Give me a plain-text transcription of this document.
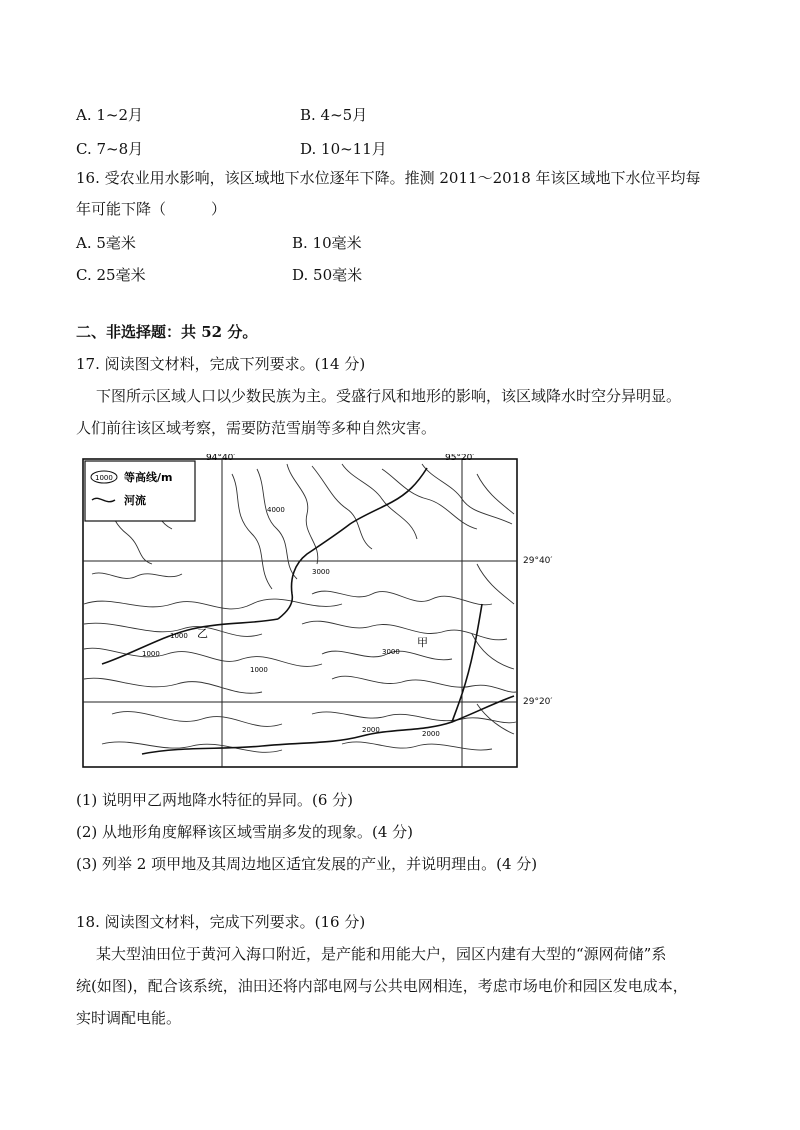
A. 1~2月	B. 4~5月
C. 7~8月	D. 10~11月
16. 受农业用水影响，该区域地下水位逐年下降。推测 2011～2018 年该区域地下水位平均每
年可能下降（　　　）
A. 5毫米	B. 10毫米
C. 25毫米	D. 50毫米
二、非选择题：共 52 分。
17. 阅读图文材料，完成下列要求。(14 分)
下图所示区域人口以少数民族为主。受盛行风和地形的影响，该区域降水时空分异明显。
人们前往该区域考察，需要防范雪崩等多种自然灾害。
94°40′	95°20′
1000 等高线/m
河流
4000
1000
1000
1000
3000
3000
2000	2000
乙
甲
29°40′
29°20′
(1) 说明甲乙两地降水特征的异同。(6 分)
(2) 从地形角度解释该区域雪崩多发的现象。(4 分)
(3) 列举 2 项甲地及其周边地区适宜发展的产业，并说明理由。(4 分)
18. 阅读图文材料，完成下列要求。(16 分)
某大型油田位于黄河入海口附近，是产能和用能大户，园区内建有大型的“源网荷储”系
统(如图)，配合该系统，油田还将内部电网与公共电网相连，考虑市场电价和园区发电成本，
实时调配电能。
